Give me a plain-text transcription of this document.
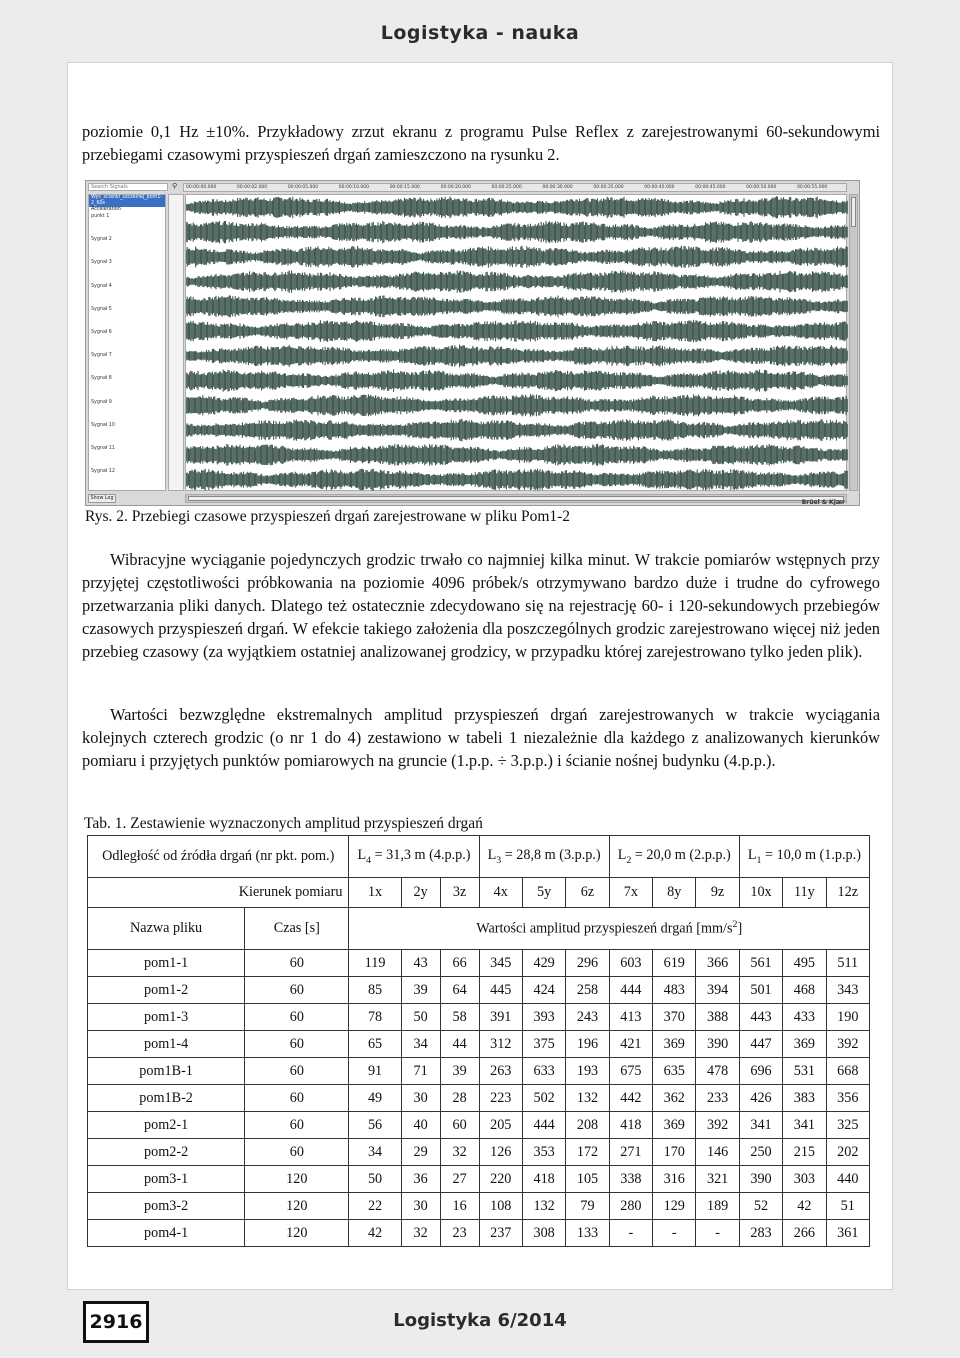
Logistyka - nauka
poziomie 0,1 Hz ±10%. Przykładowy zrzut ekranu z programu Pulse Reflex z zarejestrowanymi 60-sekundowymi przebiegami czasowymi przyspieszeń drgań zamieszczono na rysunku 2.
Search Signals	⚲ 00:00:00.000	00:00:02.000	00:00:05.000	00:00:10.000	00:00:15.000	00:00:20.000	00:00:25.000	00:00:30.000	00:00:35.000	00:00:40.000	00:00:45.000	00:00:50.000	00:00:55.000
Wyc_scianki_szczelnej_pom1-2_60s
Acceleration
punkt 1
Sygnał 2
Sygnał 3
Sygnał 4
Sygnał 5
Sygnał 6
Sygnał 7
Sygnał 8
Sygnał 9
Sygnał 10
Sygnał 11
Sygnał 12
Show Log
Brüel & Kjær
Rys. 2. Przebiegi czasowe przyspieszeń drgań zarejestrowane w pliku Pom1-2
Wibracyjne wyciąganie pojedynczych grodzic trwało co najmniej kilka minut. W trakcie pomiarów wstępnych przy przyjętej częstotliwości próbkowania na poziomie 4096 próbek/s otrzymywano bardzo duże i trudne do cyfrowego przetwarzania pliki danych. Dlatego też ostatecznie zdecydowano się na rejestrację 60- i 120-sekundowych przebiegów czasowych przyspieszeń drgań. W efekcie takiego założenia dla poszczególnych grodzic zarejestrowano więcej niż jeden przebieg czasowy (za wyjątkiem ostatniej analizowanej grodzicy, w przypadku której zarejestrowano tylko jeden plik).
Wartości bezwzględne ekstremalnych amplitud przyspieszeń drgań zarejestrowanych w trakcie wyciągania kolejnych czterech grodzic (o nr 1 do 4) zestawiono w tabeli 1 niezależnie dla każdego z analizowanych kierunków pomiaru i przyjętych punktów pomiarowych na gruncie (1.p.p. ÷ 3.p.p.) i ścianie nośnej budynku (4.p.p.).
Tab. 1. Zestawienie wyznaczonych amplitud przyspieszeń drgań
Odległość od źródła drgań (nr pkt. pom.)		$L_4 = 31,3$ m (4.p.p.)			$L_3 = 28,8$ m (3.p.p.)			$L_2 = 20,0$ m (2.p.p.)			$L_1 = 10,0$ m (1.p.p.)		
Kierunek pomiaru		1x	2y	3z	4x	5y	6z	7x	8y	9z	10x	11y	12z
Nazwa pliku	Czas [s]	Wartości amplitud przyspieszeń drgań $[mm/s^2]$											
pom1-1	60	119	43	66	345	429	296	603	619	366	561	495	511
pom1-2	60	85	39	64	445	424	258	444	483	394	501	468	343
pom1-3	60	78	50	58	391	393	243	413	370	388	443	433	190
pom1-4	60	65	34	44	312	375	196	421	369	390	447	369	392
pom1B-1	60	91	71	39	263	633	193	675	635	478	696	531	668
pom1B-2	60	49	30	28	223	502	132	442	362	233	426	383	356
pom2-1	60	56	40	60	205	444	208	418	369	392	341	341	325
pom2-2	60	34	29	32	126	353	172	271	170	146	250	215	202
pom3-1	120	50	36	27	220	418	105	338	316	321	390	303	440
pom3-2	120	22	30	16	108	132	79	280	129	189	52	42	51
pom4-1	120	42	32	23	237	308	133	-	-	-	283	266	361
2916	Logistyka 6/2014
